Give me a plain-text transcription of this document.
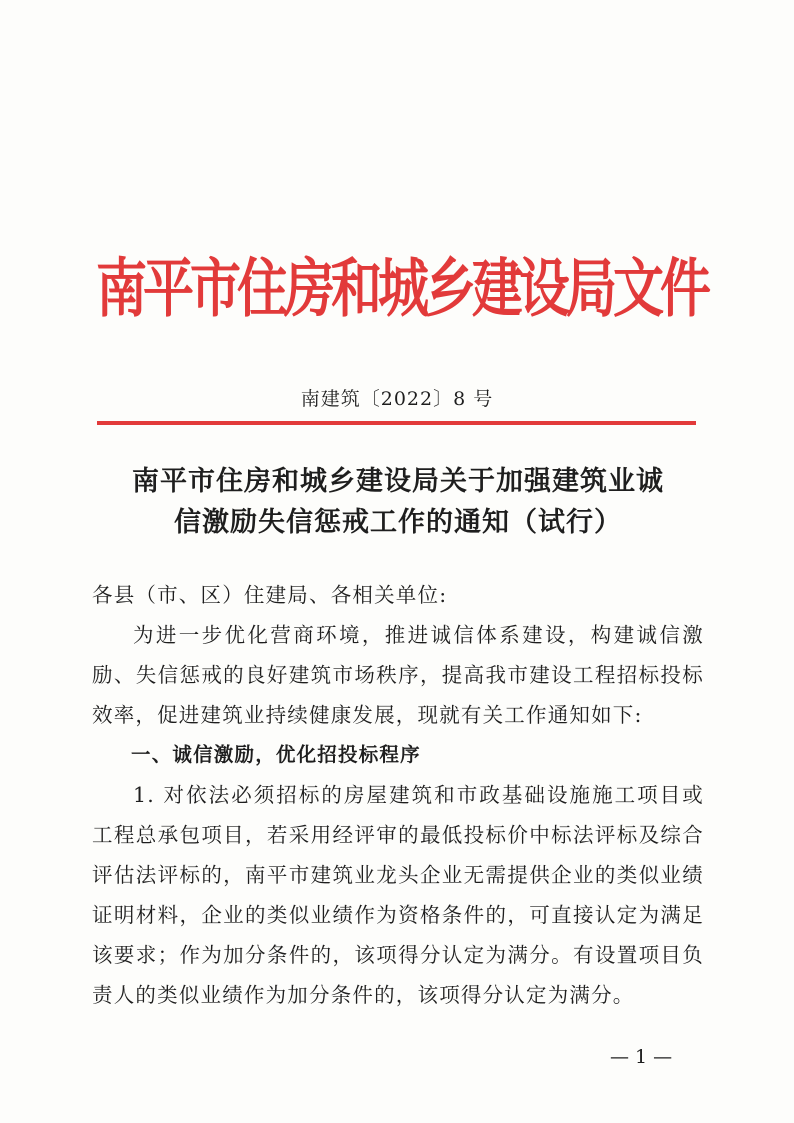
南平市住房和城乡建设局文件
南建筑〔2022〕8 号
南平市住房和城乡建设局关于加强建筑业诚
信激励失信惩戒工作的通知（试行）

各县（市、区）住建局、各相关单位:

为进一步优化营商环境，推进诚信体系建设，构建诚信激励、失信惩戒的良好建筑市场秩序，提高我市建设工程招标投标效率，促进建筑业持续健康发展，现就有关工作通知如下:

一、诚信激励，优化招投标程序

1. 对依法必须招标的房屋建筑和市政基础设施施工项目或工程总承包项目，若采用经评审的最低投标价中标法评标及综合评估法评标的，南平市建筑业龙头企业无需提供企业的类似业绩证明材料，企业的类似业绩作为资格条件的，可直接认定为满足该要求；作为加分条件的，该项得分认定为满分。有设置项目负责人的类似业绩作为加分条件的，该项得分认定为满分。

— 1 —
